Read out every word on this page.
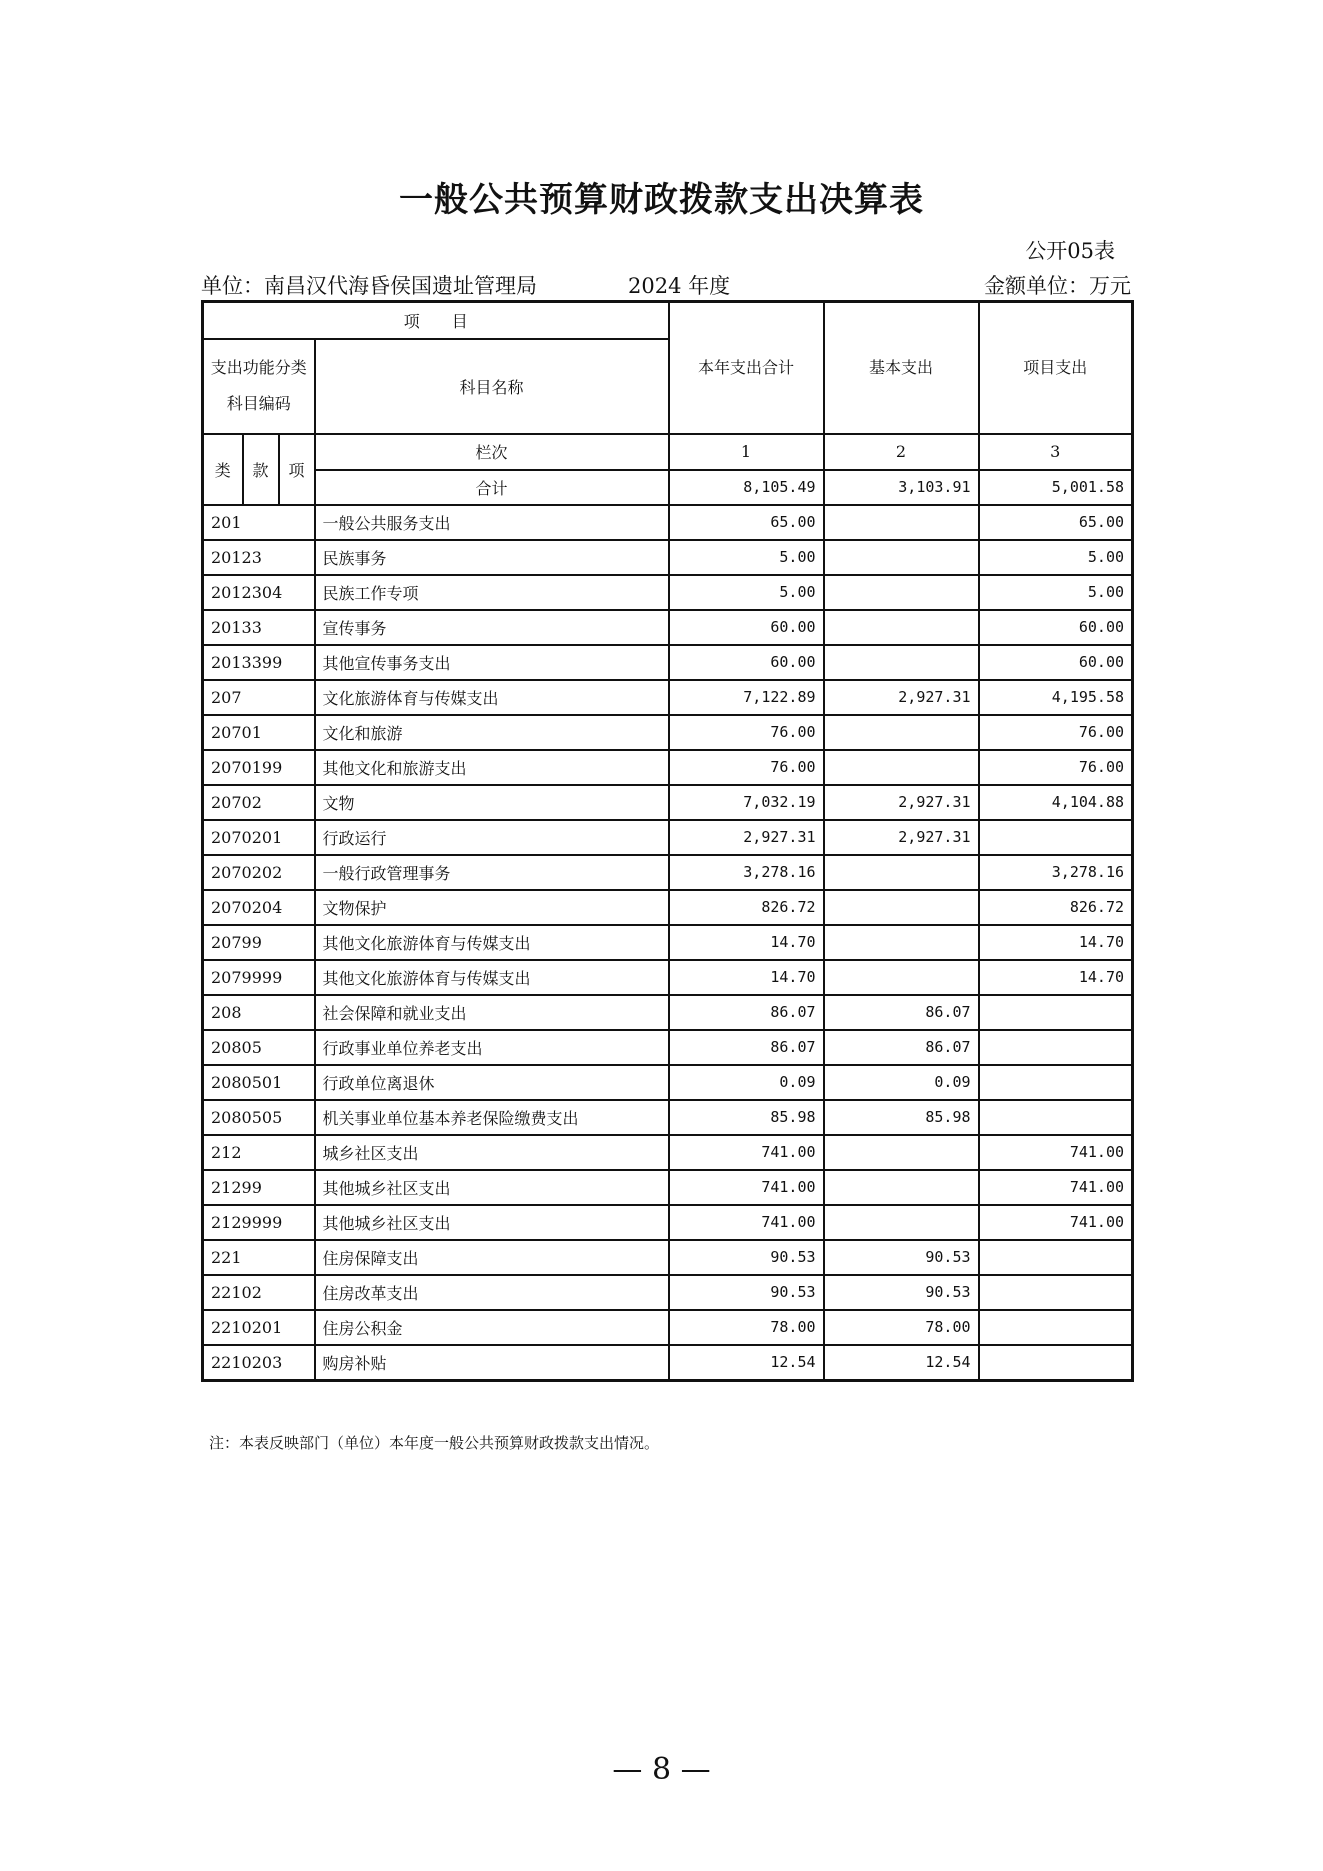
一般公共预算财政拨款支出决算表
公开05表
单位：南昌汉代海昏侯国遗址管理局	2024 年度	金额单位：万元
项　　目				本年支出合计	基本支出	项目支出
支出功能分类科目编码			科目名称			
类	款	项	栏次	1	2	3
			合计	8,105.49	3,103.91	5,001.58
201			一般公共服务支出	65.00		65.00
20123			民族事务	5.00		5.00
2012304			民族工作专项	5.00		5.00
20133			宣传事务	60.00		60.00
2013399			其他宣传事务支出	60.00		60.00
207			文化旅游体育与传媒支出	7,122.89	2,927.31	4,195.58
20701			文化和旅游	76.00		76.00
2070199			其他文化和旅游支出	76.00		76.00
20702			文物	7,032.19	2,927.31	4,104.88
2070201			行政运行	2,927.31	2,927.31	
2070202			一般行政管理事务	3,278.16		3,278.16
2070204			文物保护	826.72		826.72
20799			其他文化旅游体育与传媒支出	14.70		14.70
2079999			其他文化旅游体育与传媒支出	14.70		14.70
208			社会保障和就业支出	86.07	86.07	
20805			行政事业单位养老支出	86.07	86.07	
2080501			行政单位离退休	0.09	0.09	
2080505			机关事业单位基本养老保险缴费支出	85.98	85.98	
212			城乡社区支出	741.00		741.00
21299			其他城乡社区支出	741.00		741.00
2129999			其他城乡社区支出	741.00		741.00
221			住房保障支出	90.53	90.53	
22102			住房改革支出	90.53	90.53	
2210201			住房公积金	78.00	78.00	
2210203			购房补贴	12.54	12.54	
注：本表反映部门（单位）本年度一般公共预算财政拨款支出情况。
— 8 —
